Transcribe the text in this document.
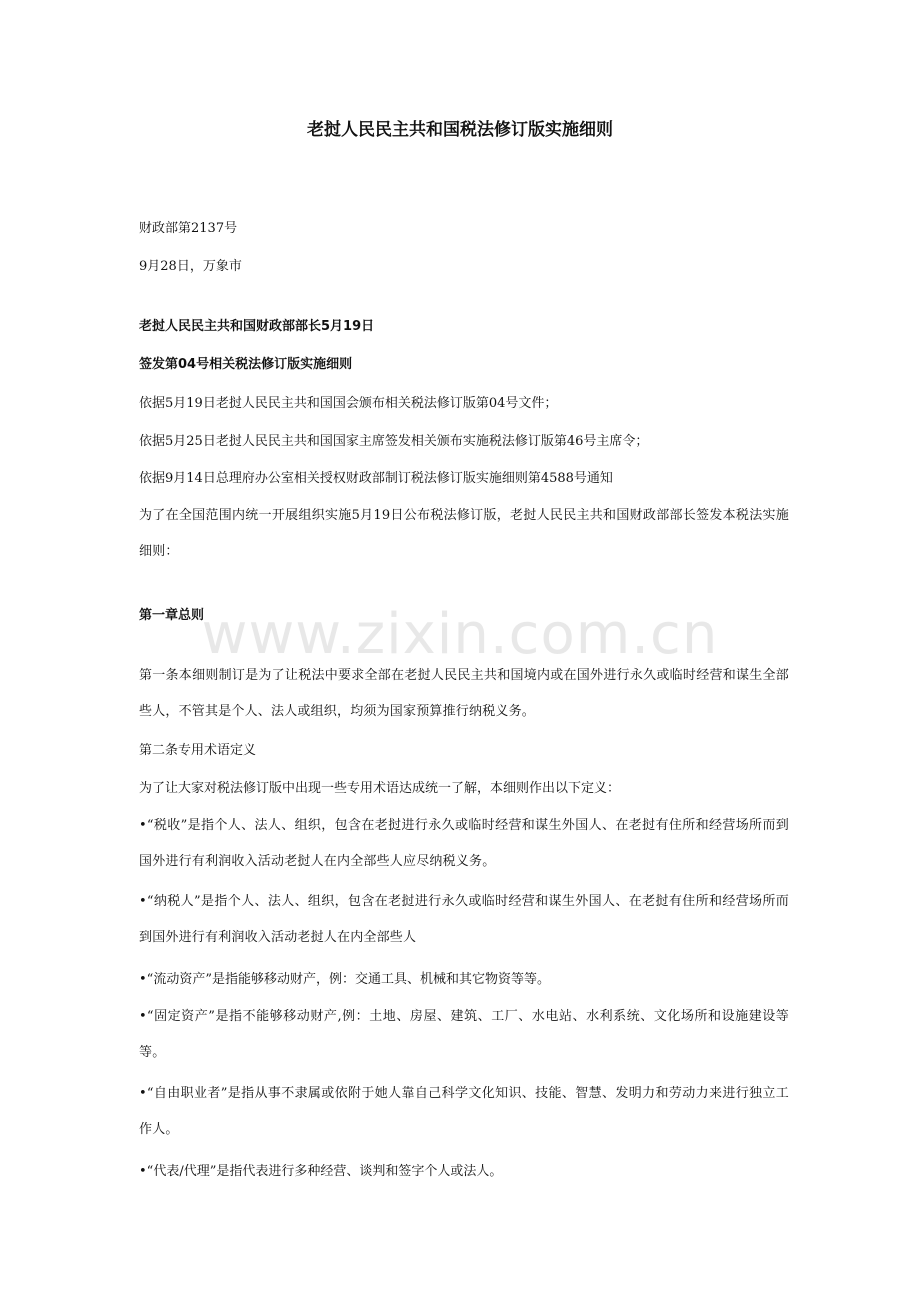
老挝人民民主共和国税法修订版实施细则

财政部第2137号

9月28日，万象市

老挝人民民主共和国财政部部长5月19日

签发第04号相关税法修订版实施细则

依据5月19日老挝人民民主共和国国会颁布相关税法修订版第04号文件；

依据5月25日老挝人民民主共和国国家主席签发相关颁布实施税法修订版第46号主席令；

依据9月14日总理府办公室相关授权财政部制订税法修订版实施细则第4588号通知

为了在全国范围内统一开展组织实施5月19日公布税法修订版，老挝人民民主共和国财政部部长签发本税法实施细则：

第一章总则

第一条本细则制订是为了让税法中要求全部在老挝人民民主共和国境内或在国外进行永久或临时经营和谋生全部些人，不管其是个人、法人或组织，均须为国家预算推行纳税义务。

第二条专用术语定义

为了让大家对税法修订版中出现一些专用术语达成统一了解，本细则作出以下定义：

•“税收”是指个人、法人、组织，包含在老挝进行永久或临时经营和谋生外国人、在老挝有住所和经营场所而到国外进行有利润收入活动老挝人在内全部些人应尽纳税义务。

•“纳税人”是指个人、法人、组织，包含在老挝进行永久或临时经营和谋生外国人、在老挝有住所和经营场所而到国外进行有利润收入活动老挝人在内全部些人

•“流动资产”是指能够移动财产，例：交通工具、机械和其它物资等等。

•“固定资产”是指不能够移动财产,例：土地、房屋、建筑、工厂、水电站、水利系统、文化场所和设施建设等等。

•“自由职业者”是指从事不隶属或依附于她人靠自己科学文化知识、技能、智慧、发明力和劳动力来进行独立工作人。

•“代表/代理”是指代表进行多种经营、谈判和签字个人或法人。

www.zixin.com.cn
